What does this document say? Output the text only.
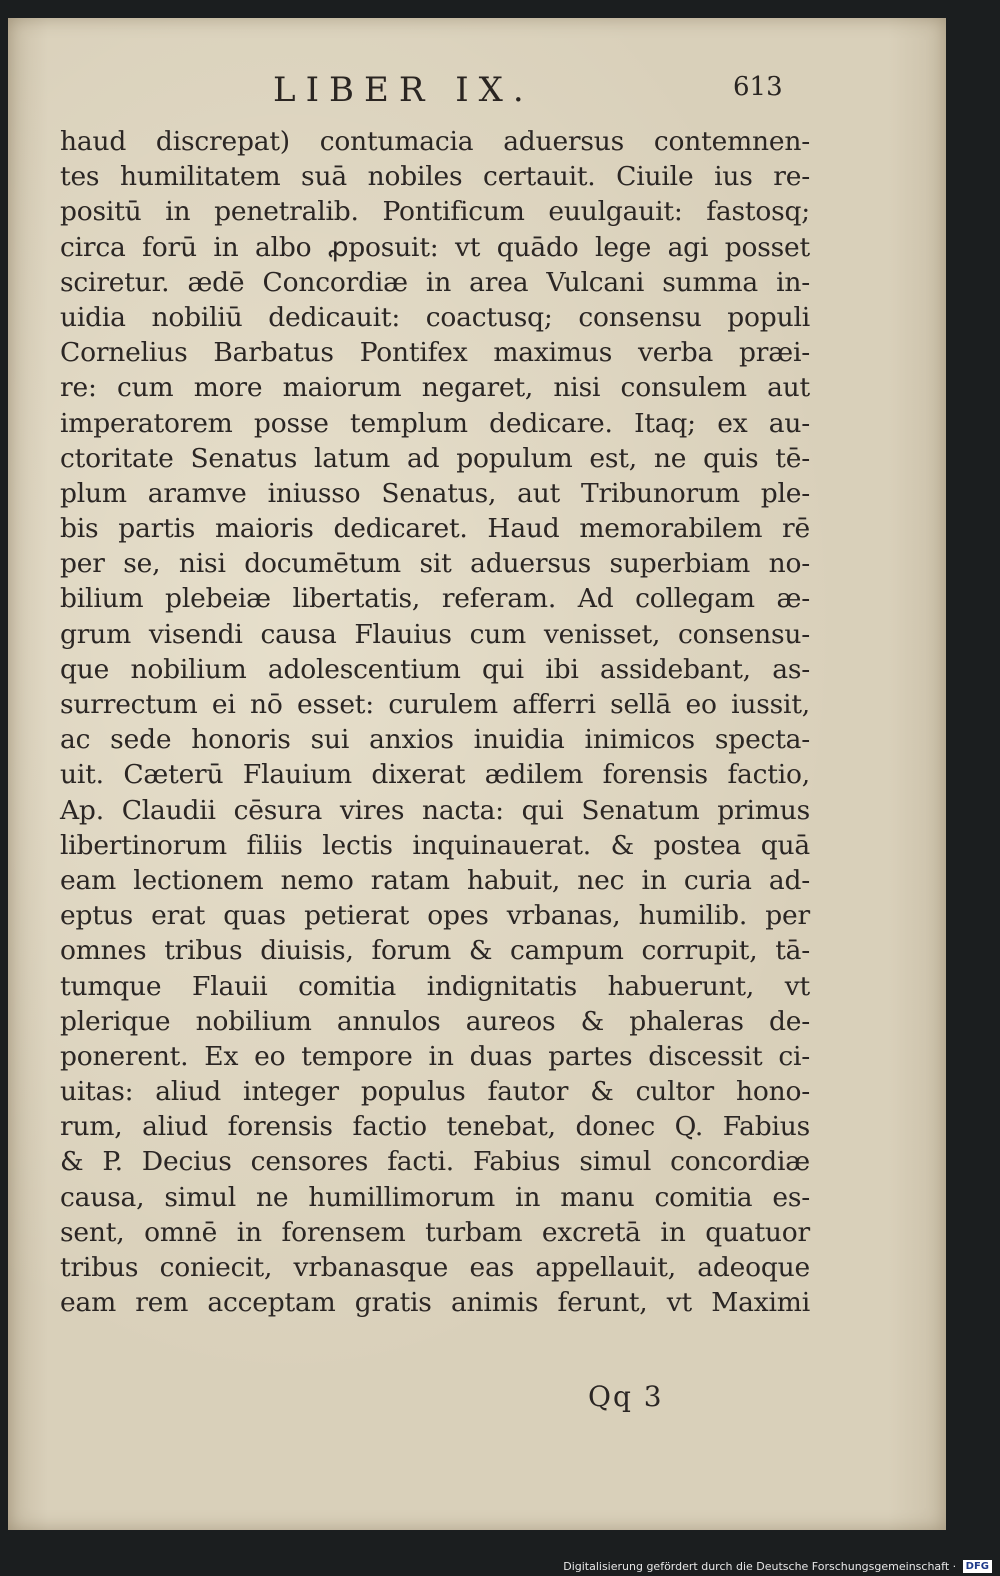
LIBER IX.	613
haud discrepat) contumacia aduersus contemnen-
tes humilitatem suā nobiles certauit. Ciuile ius re-
positū in penetralib. Pontificum euulgauit: fastosq;
circa forū in albo ꝓposuit: vt quādo lege agi posset
sciretur. ædē Concordiæ in area Vulcani summa in-
uidia nobiliū dedicauit: coactusq; consensu populi
Cornelius Barbatus Pontifex maximus verba præi-
re: cum more maiorum negaret, nisi consulem aut
imperatorem posse templum dedicare. Itaq; ex au-
ctoritate Senatus latum ad populum est, ne quis tē-
plum aramve iniusso Senatus, aut Tribunorum ple-
bis partis maioris dedicaret. Haud memorabilem rē
per se, nisi documētum sit aduersus superbiam no-
bilium plebeiæ libertatis, referam. Ad collegam æ-
grum visendi causa Flauius cum venisset, consensu-
que nobilium adolescentium qui ibi assidebant, as-
surrectum ei nō esset: curulem afferri sellā eo iussit,
ac sede honoris sui anxios inuidia inimicos specta-
uit. Cæterū Flauium dixerat ædilem forensis factio,
Ap. Claudii cēsura vires nacta: qui Senatum primus
libertinorum filiis lectis inquinauerat. & postea quā
eam lectionem nemo ratam habuit, nec in curia ad-
eptus erat quas petierat opes vrbanas, humilib. per
omnes tribus diuisis, forum & campum corrupit, tā-
tumque Flauii comitia indignitatis habuerunt, vt
plerique nobilium annulos aureos & phaleras de-
ponerent. Ex eo tempore in duas partes discessit ci-
uitas: aliud integer populus fautor & cultor hono-
rum, aliud forensis factio tenebat, donec Q. Fabius
& P. Decius censores facti. Fabius simul concordiæ
causa, simul ne humillimorum in manu comitia es-
sent, omnē in forensem turbam excretā in quatuor
tribus coniecit, vrbanasque eas appellauit, adeoque
eam rem acceptam gratis animis ferunt, vt Maximi
Qq 3
Digitalisierung gefördert durch die Deutsche Forschungsgemeinschaft · DFG
